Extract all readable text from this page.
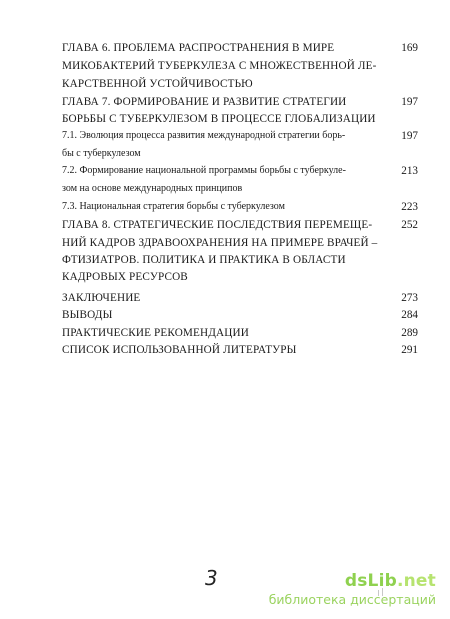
ГЛАВА 6. ПРОБЛЕМА РАСПРОСТРАНЕНИЯ В МИРЕ	169
МИКОБАКТЕРИЙ ТУБЕРКУЛЕЗА С МНОЖЕСТВЕННОЙ ЛЕ-
КАРСТВЕННОЙ УСТОЙЧИВОСТЬЮ
ГЛАВА 7. ФОРМИРОВАНИЕ И РАЗВИТИЕ СТРАТЕГИИ	197
БОРЬБЫ С ТУБЕРКУЛЕЗОМ В ПРОЦЕССЕ ГЛОБАЛИЗАЦИИ
7.1. Эволюция процесса развития международной стратегии борь-	197
бы с туберкулезом
7.2. Формирование национальной программы борьбы с туберкуле-	213
зом на основе международных принципов
7.3. Национальная стратегия борьбы с туберкулезом	223
ГЛАВА 8. СТРАТЕГИЧЕСКИЕ ПОСЛЕДСТВИЯ ПЕРЕМЕЩЕ-	252
НИЙ КАДРОВ ЗДРАВООХРАНЕНИЯ НА ПРИМЕРЕ ВРАЧЕЙ –
ФТИЗИАТРОВ. ПОЛИТИКА И ПРАКТИКА В ОБЛАСТИ
КАДРОВЫХ РЕСУРСОВ
ЗАКЛЮЧЕНИЕ	273
ВЫВОДЫ	284
ПРАКТИЧЕСКИЕ РЕКОМЕНДАЦИИ	289
СПИСОК ИСПОЛЬЗОВАННОЙ ЛИТЕРАТУРЫ	291
3	dsLib.net
библиотека диссертаций
